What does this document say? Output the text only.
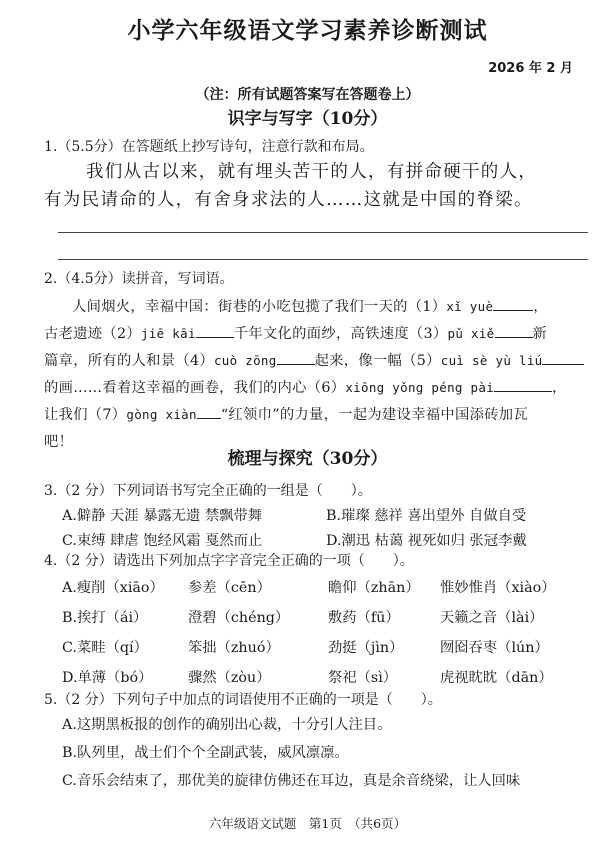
小学六年级语文学习素养诊断测试
2026 年 2 月
（注：所有试题答案写在答题卷上）
识字与写字（10分）
1.（5.5分）在答题纸上抄写诗句，注意行款和布局。
我们从古以来，就有埋头苦干的人，有拼命硬干的人，
有为民请命的人，有舍身求法的人……这就是中国的脊梁。
2.（4.5分）读拼音，写词语。
人间烟火，幸福中国：街巷的小吃包揽了我们一天的（1）xǐ yuè	，
古老遗迹（2）jiē kāi	千年文化的面纱，高铁速度（3）pǔ xiě	新
篇章，所有的人和景（4）cuò zōng	起来，像一幅（5）cuì sè yù liú
的画……看着这幸福的画卷，我们的内心（6）xiōng yǒng péng pài	，
让我们（7）gòng xiàn “红领巾”的力量，一起为建设幸福中国添砖加瓦
吧！
梳理与探究（30分）
3.（2 分）下列词语书写完全正确的一组是（　　）。
A.僻静 天涯 暴露无遗 禁飘带舞	B.璀璨 慈祥 喜出望外 自做自受
C.束缚 肆虐 饱经风霜 戛然而止	D.潮迅 枯蔼 视死如归 张冠李戴
4.（2 分）请选出下列加点字字音完全正确的一项（　　）。
A.瘦削（xiāo） 参差（cēn）	瞻仰（zhān） 惟妙惟肖（xiào）
B.挨打（ái）	澄碧（chéng）	敷药（fū）	天籁之音（lài）
C.菜畦（qí）	笨拙（zhuó）	劲挺（jìn）	囫囵吞枣（lún）
D.单薄（bó） 骤然（zòu）	祭祀（sì）	虎视眈眈（dān）
5.（2 分）下列句子中加点的词语使用不正确的一项是（　　）。
A.这期黑板报的创作的确别出心裁，十分引人注目。
B.队列里，战士们个个全副武装，威风凛凛。
C.音乐会结束了，那优美的旋律仿佛还在耳边，真是余音绕梁，让人回味
六年级语文试题　第1页　（共6页）
